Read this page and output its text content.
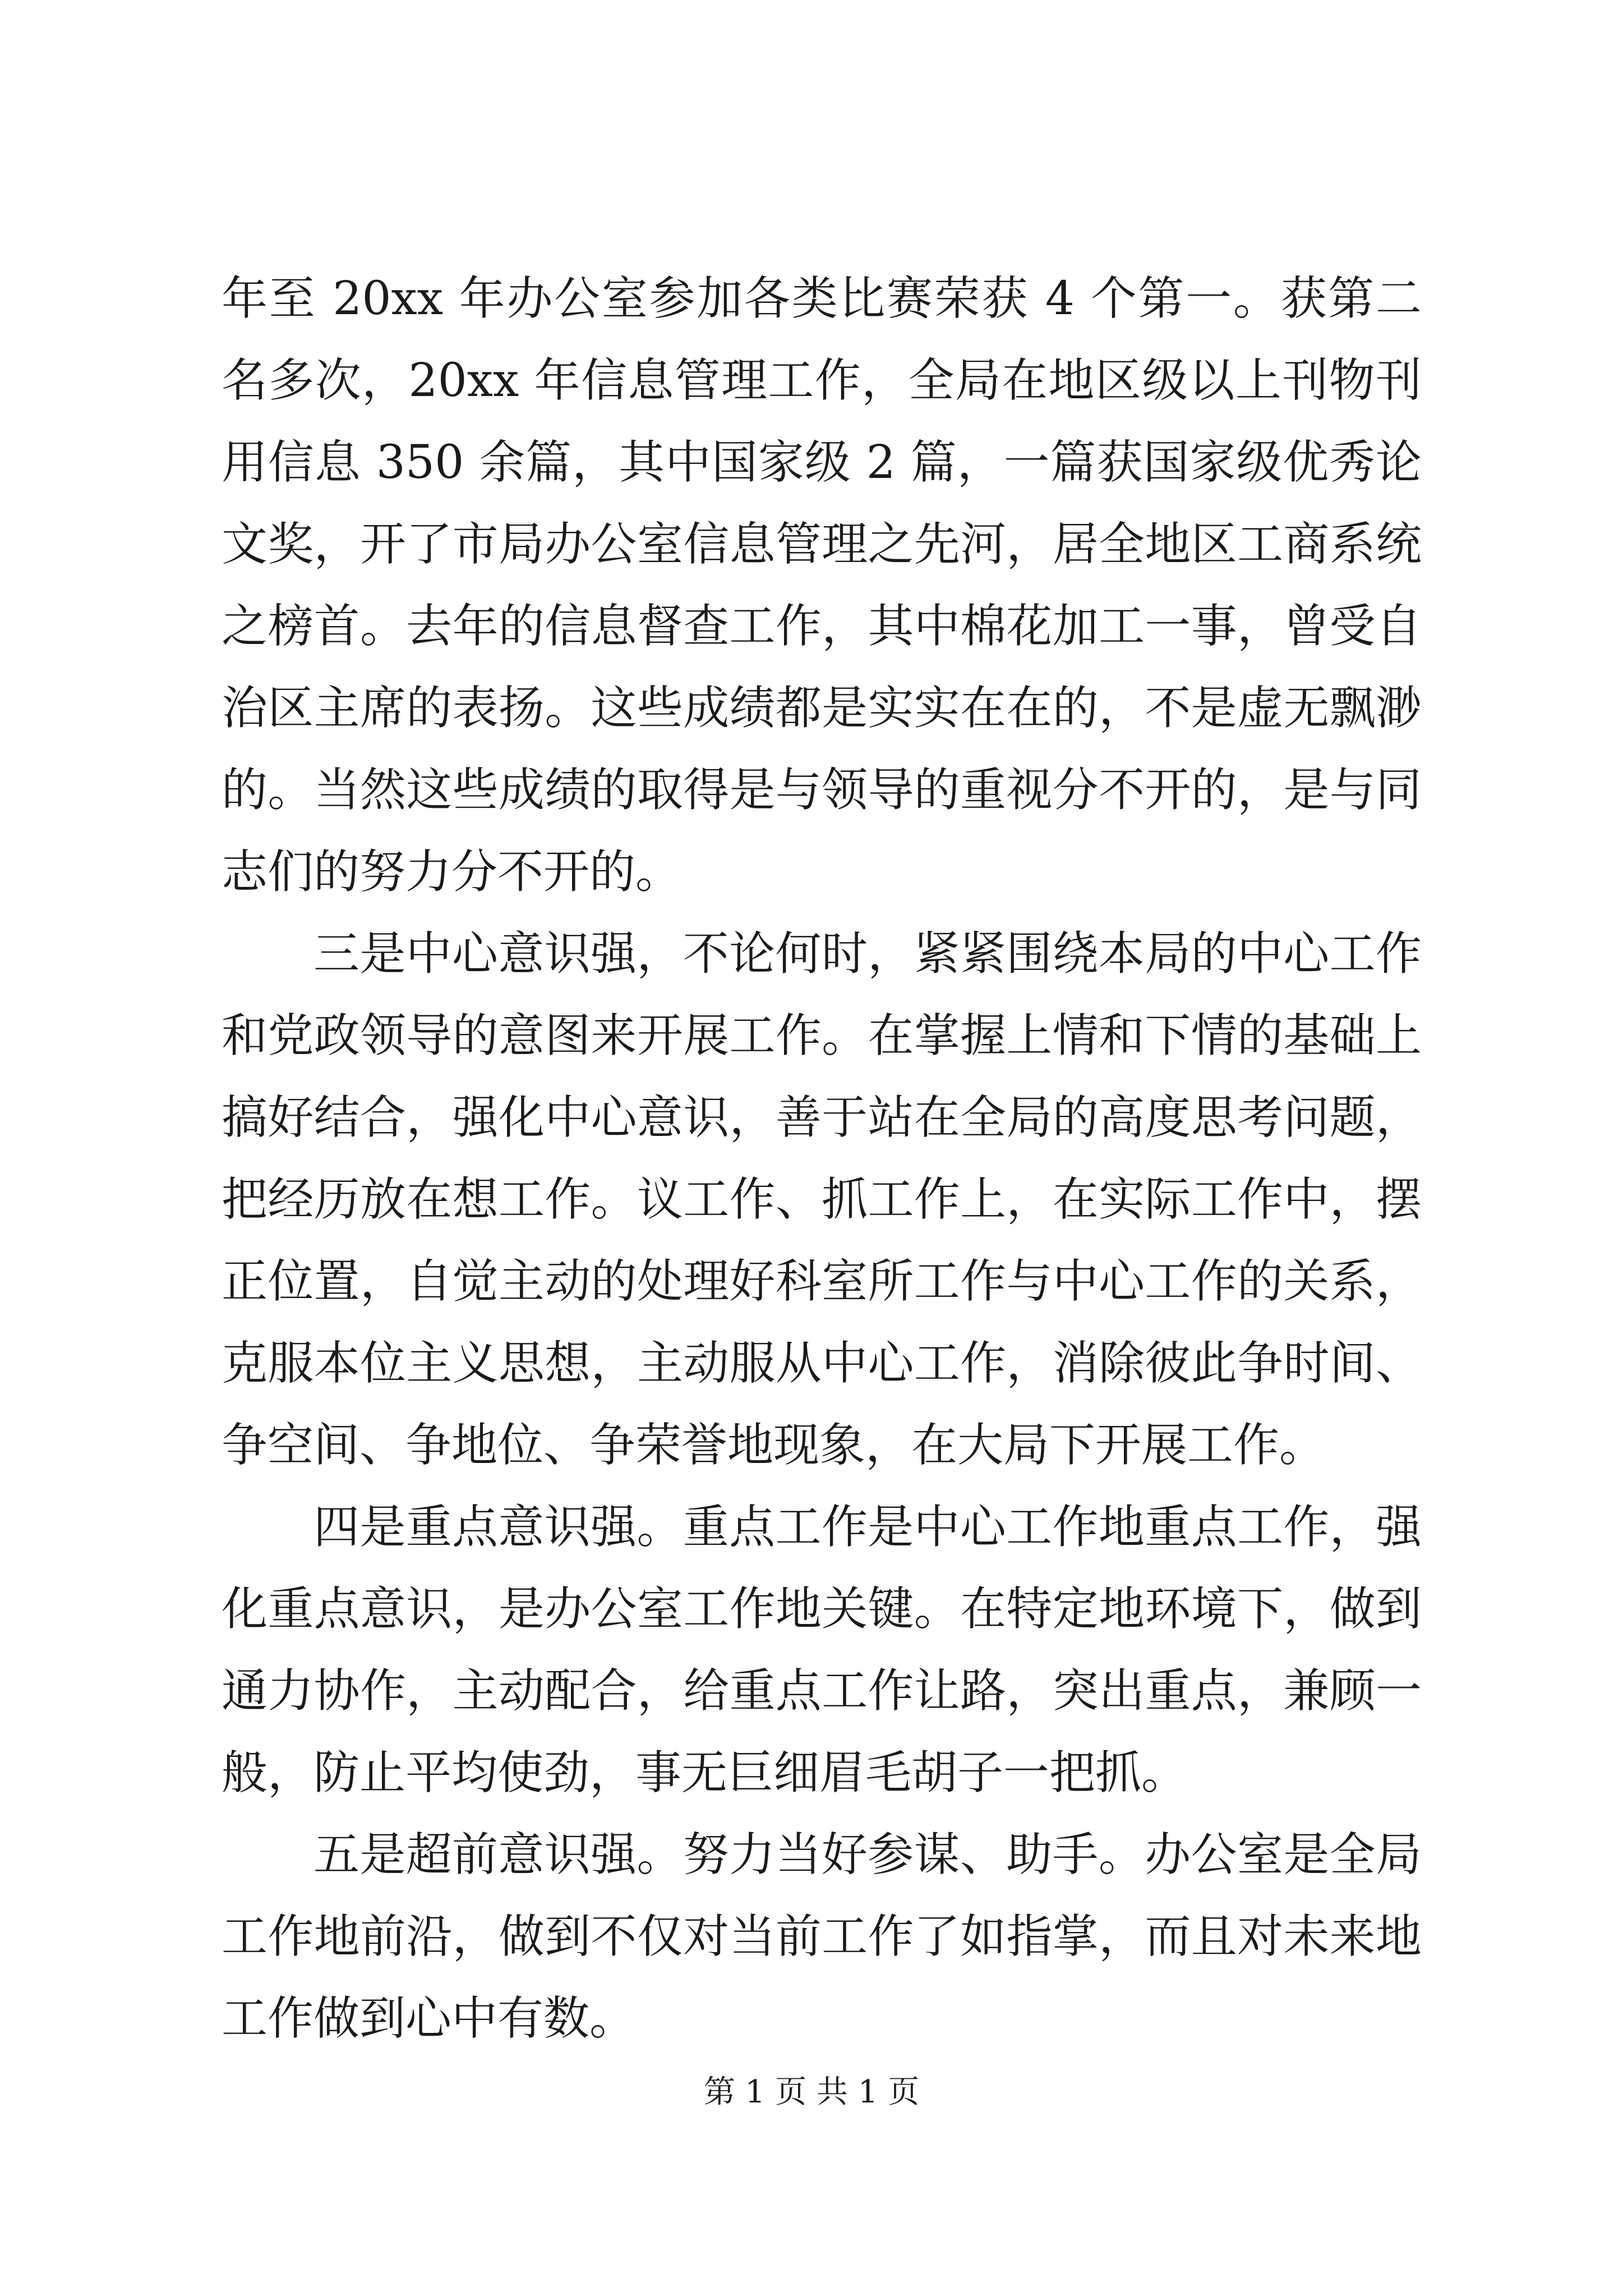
年至 20xx 年办公室参加各类比赛荣获 4 个第一。获第二名多次，20xx 年信息管理工作，全局在地区级以上刊物刊用信息 350 余篇，其中国家级 2 篇，一篇获国家级优秀论文奖，开了市局办公室信息管理之先河，居全地区工商系统之榜首。去年的信息督查工作，其中棉花加工一事，曾受自治区主席的表扬。这些成绩都是实实在在的，不是虚无飘渺的。当然这些成绩的取得是与领导的重视分不开的，是与同志们的努力分不开的。

三是中心意识强，不论何时，紧紧围绕本局的中心工作和党政领导的意图来开展工作。在掌握上情和下情的基础上搞好结合，强化中心意识，善于站在全局的高度思考问题，把经历放在想工作。议工作、抓工作上，在实际工作中，摆正位置，自觉主动的处理好科室所工作与中心工作的关系，克服本位主义思想，主动服从中心工作，消除彼此争时间、争空间、争地位、争荣誉地现象，在大局下开展工作。

四是重点意识强。重点工作是中心工作地重点工作，强化重点意识，是办公室工作地关键。在特定地环境下，做到通力协作，主动配合，给重点工作让路，突出重点，兼顾一般，防止平均使劲，事无巨细眉毛胡子一把抓。

五是超前意识强。努力当好参谋、助手。办公室是全局工作地前沿，做到不仅对当前工作了如指掌，而且对未来地工作做到心中有数。

第 1 页 共 1 页
